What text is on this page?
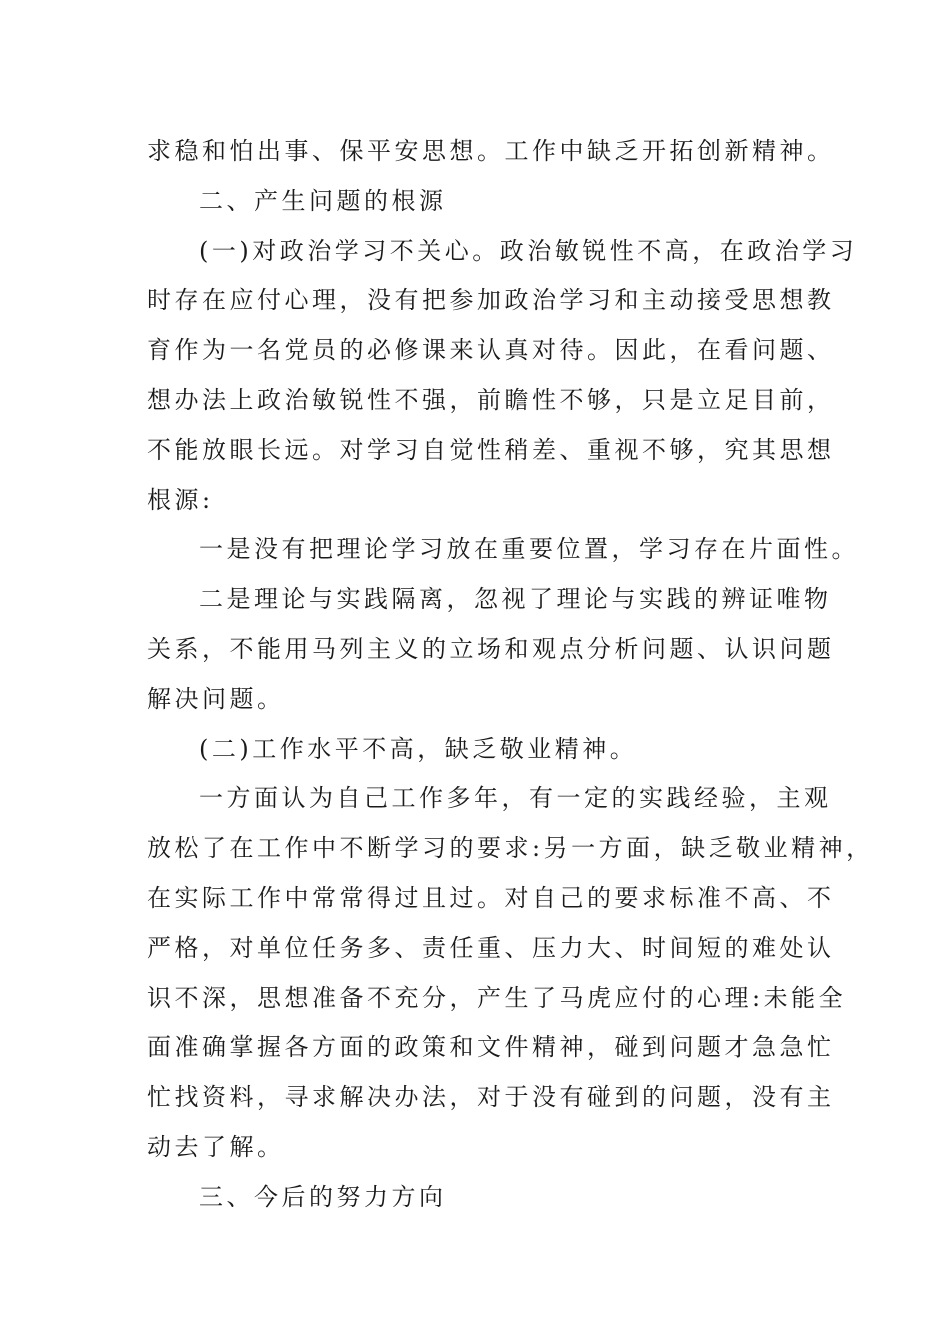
求稳和怕出事、保平安思想。工作中缺乏开拓创新精神。
二、产生问题的根源
(一)对政治学习不关心。政治敏锐性不高，在政治学习
时存在应付心理，没有把参加政治学习和主动接受思想教
育作为一名党员的必修课来认真对待。因此，在看问题、
想办法上政治敏锐性不强，前瞻性不够，只是立足目前，
不能放眼长远。对学习自觉性稍差、重视不够，究其思想
根源:
一是没有把理论学习放在重要位置，学习存在片面性。
二是理论与实践隔离，忽视了理论与实践的辨证唯物
关系，不能用马列主义的立场和观点分析问题、认识问题
解决问题。
(二)工作水平不高，缺乏敬业精神。
一方面认为自己工作多年，有一定的实践经验，主观
放松了在工作中不断学习的要求:另一方面，缺乏敬业精神，
在实际工作中常常得过且过。对自己的要求标准不高、不
严格，对单位任务多、责任重、压力大、时间短的难处认
识不深，思想准备不充分，产生了马虎应付的心理:未能全
面准确掌握各方面的政策和文件精神，碰到问题才急急忙
忙找资料，寻求解决办法，对于没有碰到的问题，没有主
动去了解。
三、今后的努力方向
